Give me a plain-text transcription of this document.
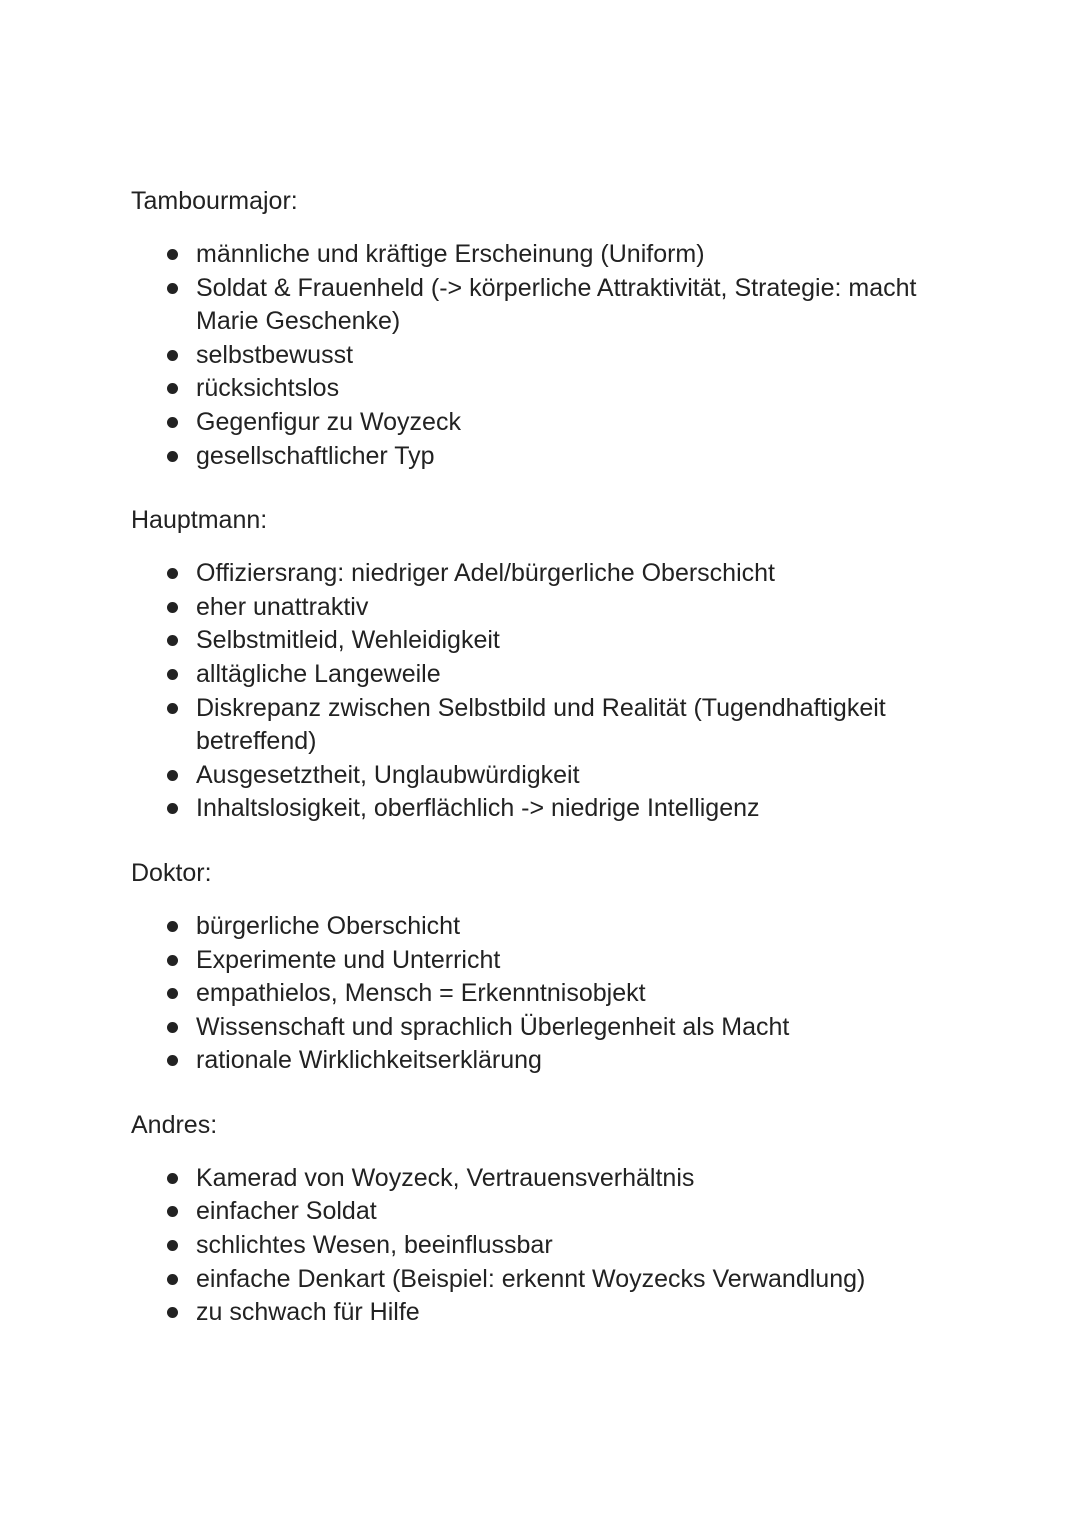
Tambourmajor:
männliche und kräftige Erscheinung (Uniform)
Soldat & Frauenheld (-> körperliche Attraktivität, Strategie: macht Marie Geschenke)
selbstbewusst
rücksichtslos
Gegenfigur zu Woyzeck
gesellschaftlicher Typ
Hauptmann:
Offiziersrang: niedriger Adel/bürgerliche Oberschicht
eher unattraktiv
Selbstmitleid, Wehleidigkeit
alltägliche Langeweile
Diskrepanz zwischen Selbstbild und Realität (Tugendhaftigkeit betreffend)
Ausgesetztheit, Unglaubwürdigkeit
Inhaltslosigkeit, oberflächlich -> niedrige Intelligenz
Doktor:
bürgerliche Oberschicht
Experimente und Unterricht
empathielos, Mensch = Erkenntnisobjekt
Wissenschaft und sprachlich Überlegenheit als Macht
rationale Wirklichkeitserklärung
Andres:
Kamerad von Woyzeck, Vertrauensverhältnis
einfacher Soldat
schlichtes Wesen, beeinflussbar
einfache Denkart (Beispiel: erkennt Woyzecks Verwandlung)
zu schwach für Hilfe
